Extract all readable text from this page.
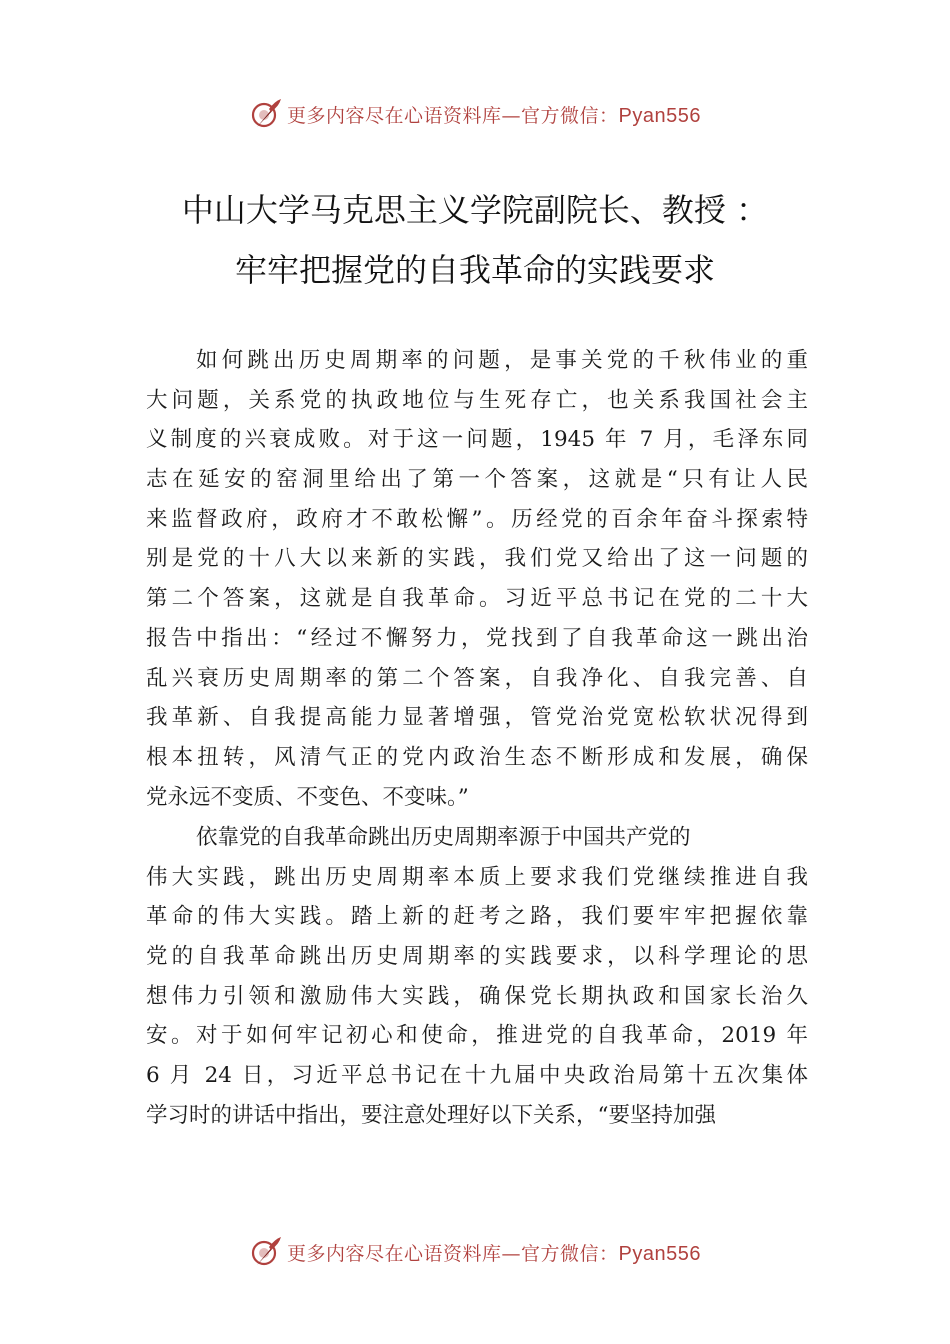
更多内容尽在心语资料库—官方微信：Pyan556
中山大学马克思主义学院副院长、教授 ：
牢牢把握党的自我革命的实践要求
如何跳出历史周期率的问题，是事关党的千秋伟业的重
大问题，关系党的执政地位与生死存亡，也关系我国社会主
义制度的兴衰成败。对于这一问题，1945 年 7 月，毛泽东同
志在延安的窑洞里给出了第一个答案，这就是“只有让人民
来监督政府，政府才不敢松懈”。历经党的百余年奋斗探索特
别是党的十八大以来新的实践，我们党又给出了这一问题的
第二个答案，这就是自我革命。习近平总书记在党的二十大
报告中指出：“经过不懈努力，党找到了自我革命这一跳出治
乱兴衰历史周期率的第二个答案，自我净化、自我完善、自
我革新、自我提高能力显著增强，管党治党宽松软状况得到
根本扭转，风清气正的党内政治生态不断形成和发展，确保
党永远不变质、不变色、不变味。”
依靠党的自我革命跳出历史周期率源于中国共产党的
伟大实践，跳出历史周期率本质上要求我们党继续推进自我
革命的伟大实践。踏上新的赶考之路，我们要牢牢把握依靠
党的自我革命跳出历史周期率的实践要求，以科学理论的思
想伟力引领和激励伟大实践，确保党长期执政和国家长治久
安。对于如何牢记初心和使命，推进党的自我革命，2019 年
6 月 24 日，习近平总书记在十九届中央政治局第十五次集体
学习时的讲话中指出，要注意处理好以下关系，“要坚持加强
更多内容尽在心语资料库—官方微信：Pyan556
